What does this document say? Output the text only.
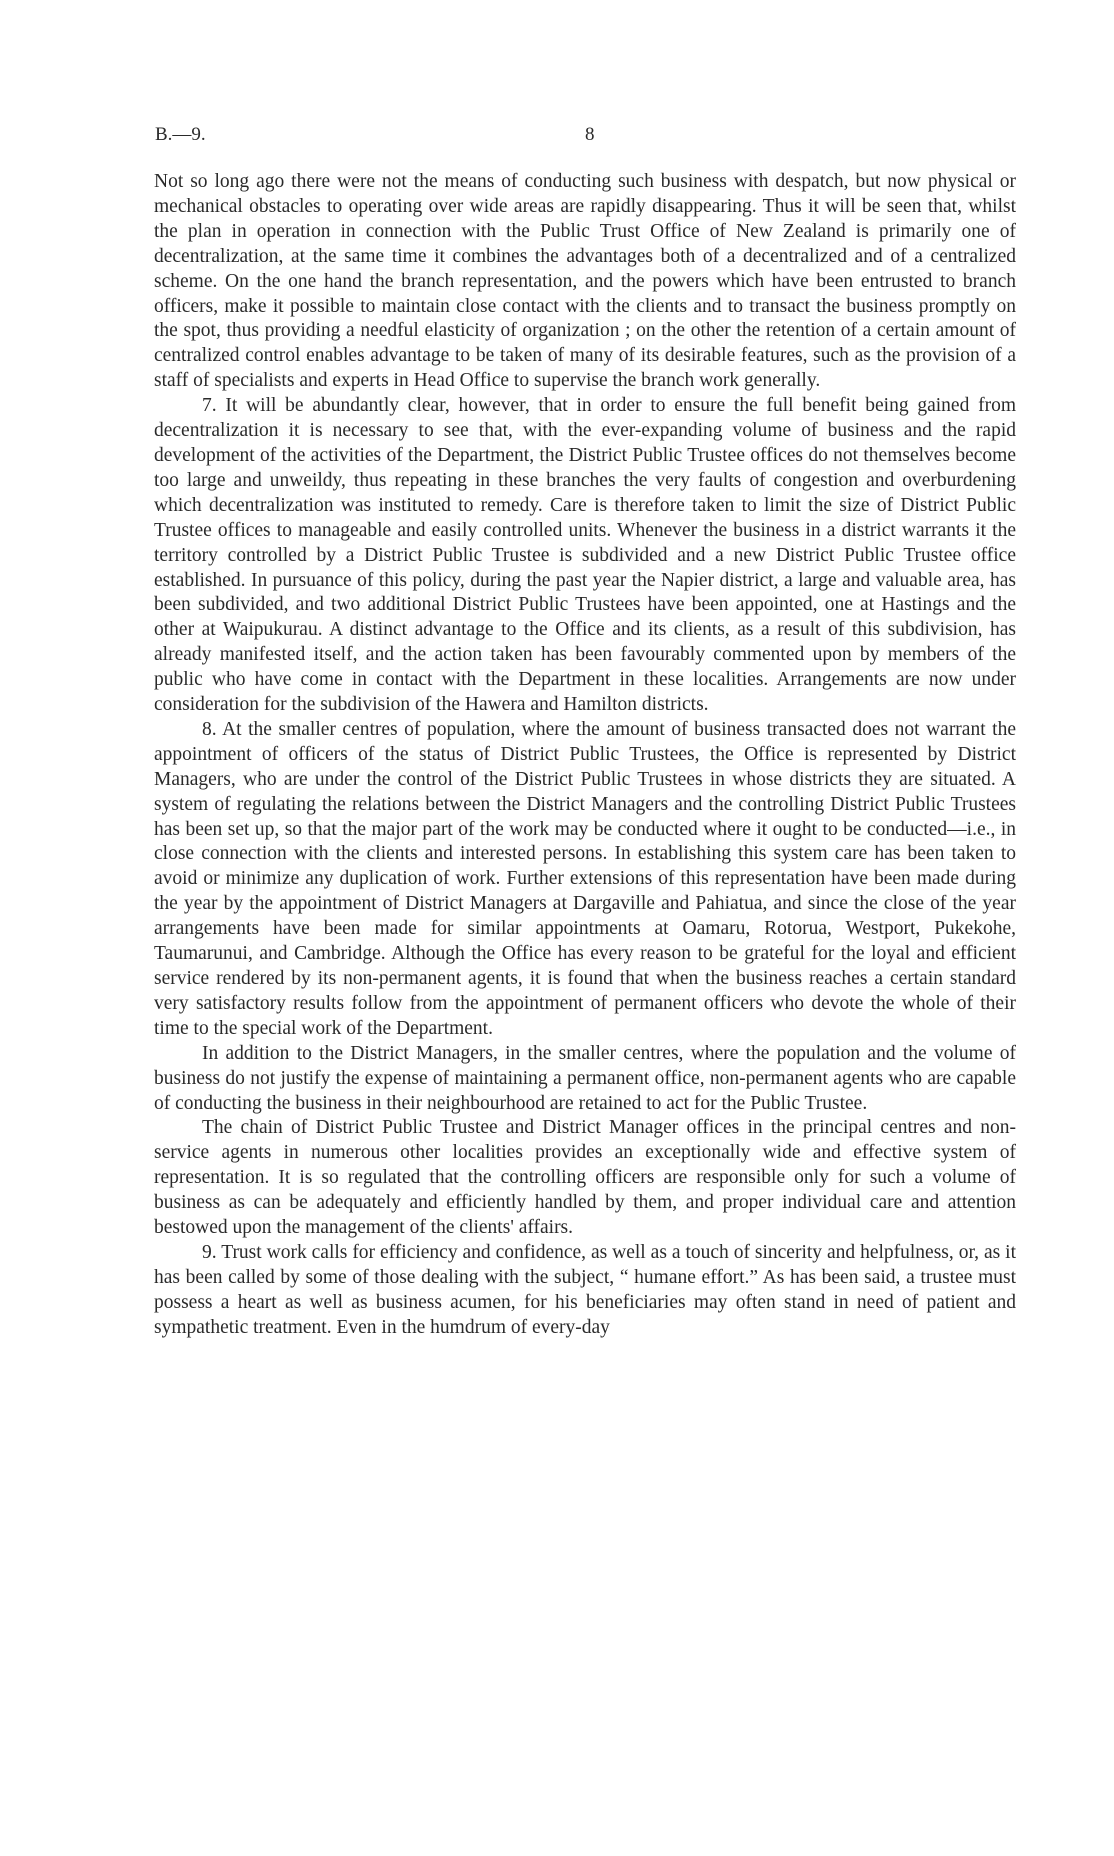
B.—9.	8

Not so long ago there were not the means of conducting such business with despatch, but now physical or mechanical obstacles to operating over wide areas are rapidly disappearing. Thus it will be seen that, whilst the plan in operation in connection with the Public Trust Office of New Zealand is primarily one of decentralization, at the same time it combines the advantages both of a decentralized and of a centralized scheme. On the one hand the branch representation, and the powers which have been entrusted to branch officers, make it possible to maintain close contact with the clients and to transact the business promptly on the spot, thus providing a needful elasticity of organization ; on the other the retention of a certain amount of centralized control enables advantage to be taken of many of its desirable features, such as the provision of a staff of specialists and experts in Head Office to supervise the branch work generally.

7. It will be abundantly clear, however, that in order to ensure the full benefit being gained from decentralization it is necessary to see that, with the ever-expanding volume of business and the rapid development of the activities of the Department, the District Public Trustee offices do not themselves become too large and unweildy, thus repeating in these branches the very faults of congestion and overburdening which decentralization was instituted to remedy. Care is therefore taken to limit the size of District Public Trustee offices to manageable and easily controlled units. Whenever the business in a district warrants it the territory controlled by a District Public Trustee is subdivided and a new District Public Trustee office established. In pursuance of this policy, during the past year the Napier district, a large and valuable area, has been subdivided, and two additional District Public Trustees have been appointed, one at Hastings and the other at Waipukurau. A distinct advantage to the Office and its clients, as a result of this subdivision, has already manifested itself, and the action taken has been favourably commented upon by members of the public who have come in contact with the Department in these localities. Arrangements are now under consideration for the subdivision of the Hawera and Hamilton districts.

8. At the smaller centres of population, where the amount of business transacted does not warrant the appointment of officers of the status of District Public Trustees, the Office is represented by District Managers, who are under the control of the District Public Trustees in whose districts they are situated. A system of regulating the relations between the District Managers and the controlling District Public Trustees has been set up, so that the major part of the work may be conducted where it ought to be conducted—i.e., in close connection with the clients and interested persons. In establishing this system care has been taken to avoid or minimize any duplication of work. Further extensions of this representation have been made during the year by the appointment of District Managers at Dargaville and Pahiatua, and since the close of the year arrangements have been made for similar appointments at Oamaru, Rotorua, Westport, Pukekohe, Taumarunui, and Cambridge. Although the Office has every reason to be grateful for the loyal and efficient service rendered by its non-permanent agents, it is found that when the business reaches a certain standard very satisfactory results follow from the appointment of permanent officers who devote the whole of their time to the special work of the Department.

In addition to the District Managers, in the smaller centres, where the population and the volume of business do not justify the expense of maintaining a permanent office, non-permanent agents who are capable of conducting the business in their neighbourhood are retained to act for the Public Trustee.

The chain of District Public Trustee and District Manager offices in the principal centres and non-service agents in numerous other localities provides an exceptionally wide and effective system of representation. It is so regulated that the controlling officers are responsible only for such a volume of business as can be adequately and efficiently handled by them, and proper individual care and attention bestowed upon the management of the clients' affairs.

9. Trust work calls for efficiency and confidence, as well as a touch of sincerity and helpfulness, or, as it has been called by some of those dealing with the subject, “ humane effort.” As has been said, a trustee must possess a heart as well as business acumen, for his beneficiaries may often stand in need of patient and sympathetic treatment. Even in the humdrum of every-day
